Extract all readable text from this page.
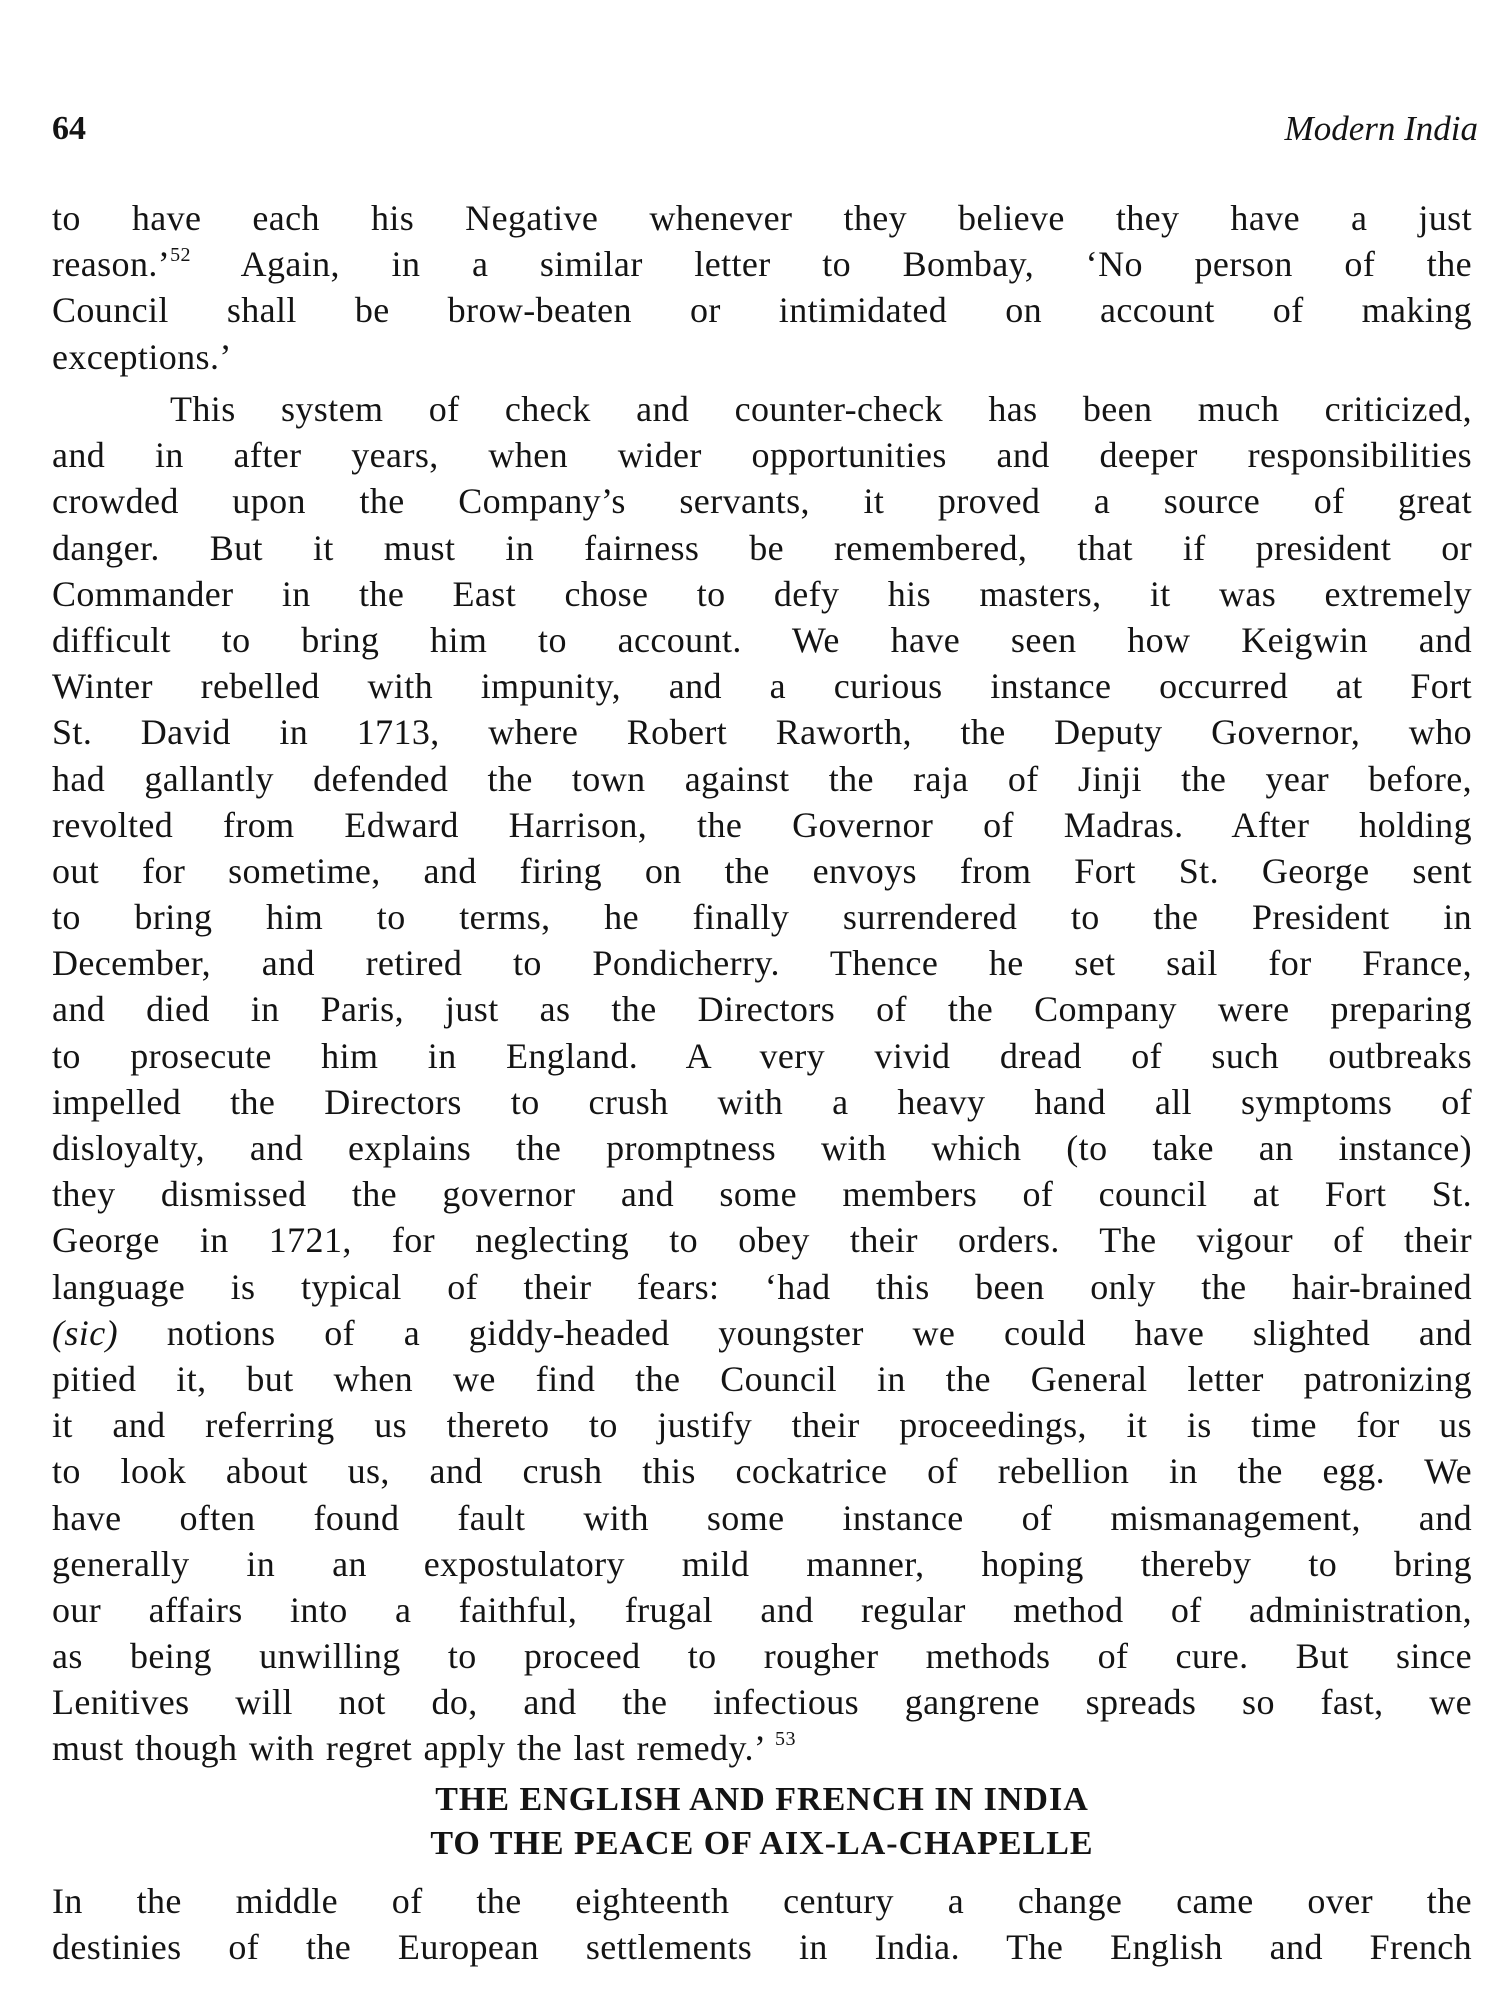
64	Modern India
to have each his Negative whenever they believe they have a just
reason.’$^{52}$ Again, in a similar letter to Bombay, ‘No person of the
Council shall be brow-beaten or intimidated on account of making
exceptions.’
This system of check and counter-check has been much criticized,
and in after years, when wider opportunities and deeper responsibilities
crowded upon the Company’s servants, it proved a source of great
danger. But it must in fairness be remembered, that if president or
Commander in the East chose to defy his masters, it was extremely
difficult to bring him to account. We have seen how Keigwin and
Winter rebelled with impunity, and a curious instance occurred at Fort
St. David in 1713, where Robert Raworth, the Deputy Governor, who
had gallantly defended the town against the raja of Jinji the year before,
revolted from Edward Harrison, the Governor of Madras. After holding
out for sometime, and firing on the envoys from Fort St. George sent
to bring him to terms, he finally surrendered to the President in
December, and retired to Pondicherry. Thence he set sail for France,
and died in Paris, just as the Directors of the Company were preparing
to prosecute him in England. A very vivid dread of such outbreaks
impelled the Directors to crush with a heavy hand all symptoms of
disloyalty, and explains the promptness with which (to take an instance)
they dismissed the governor and some members of council at Fort St.
George in 1721, for neglecting to obey their orders. The vigour of their
language is typical of their fears: ‘had this been only the hair-brained
(sic) notions of a giddy-headed youngster we could have slighted and
pitied it, but when we find the Council in the General letter patronizing
it and referring us thereto to justify their proceedings, it is time for us
to look about us, and crush this cockatrice of rebellion in the egg. We
have often found fault with some instance of mismanagement, and
generally in an expostulatory mild manner, hoping thereby to bring
our affairs into a faithful, frugal and regular method of administration,
as being unwilling to proceed to rougher methods of cure. But since
Lenitives will not do, and the infectious gangrene spreads so fast, we
must though with regret apply the last remedy.’ $^{53}$
THE ENGLISH AND FRENCH IN INDIA
TO THE PEACE OF AIX-LA-CHAPELLE
In the middle of the eighteenth century a change came over the
destinies of the European settlements in India. The English and French
